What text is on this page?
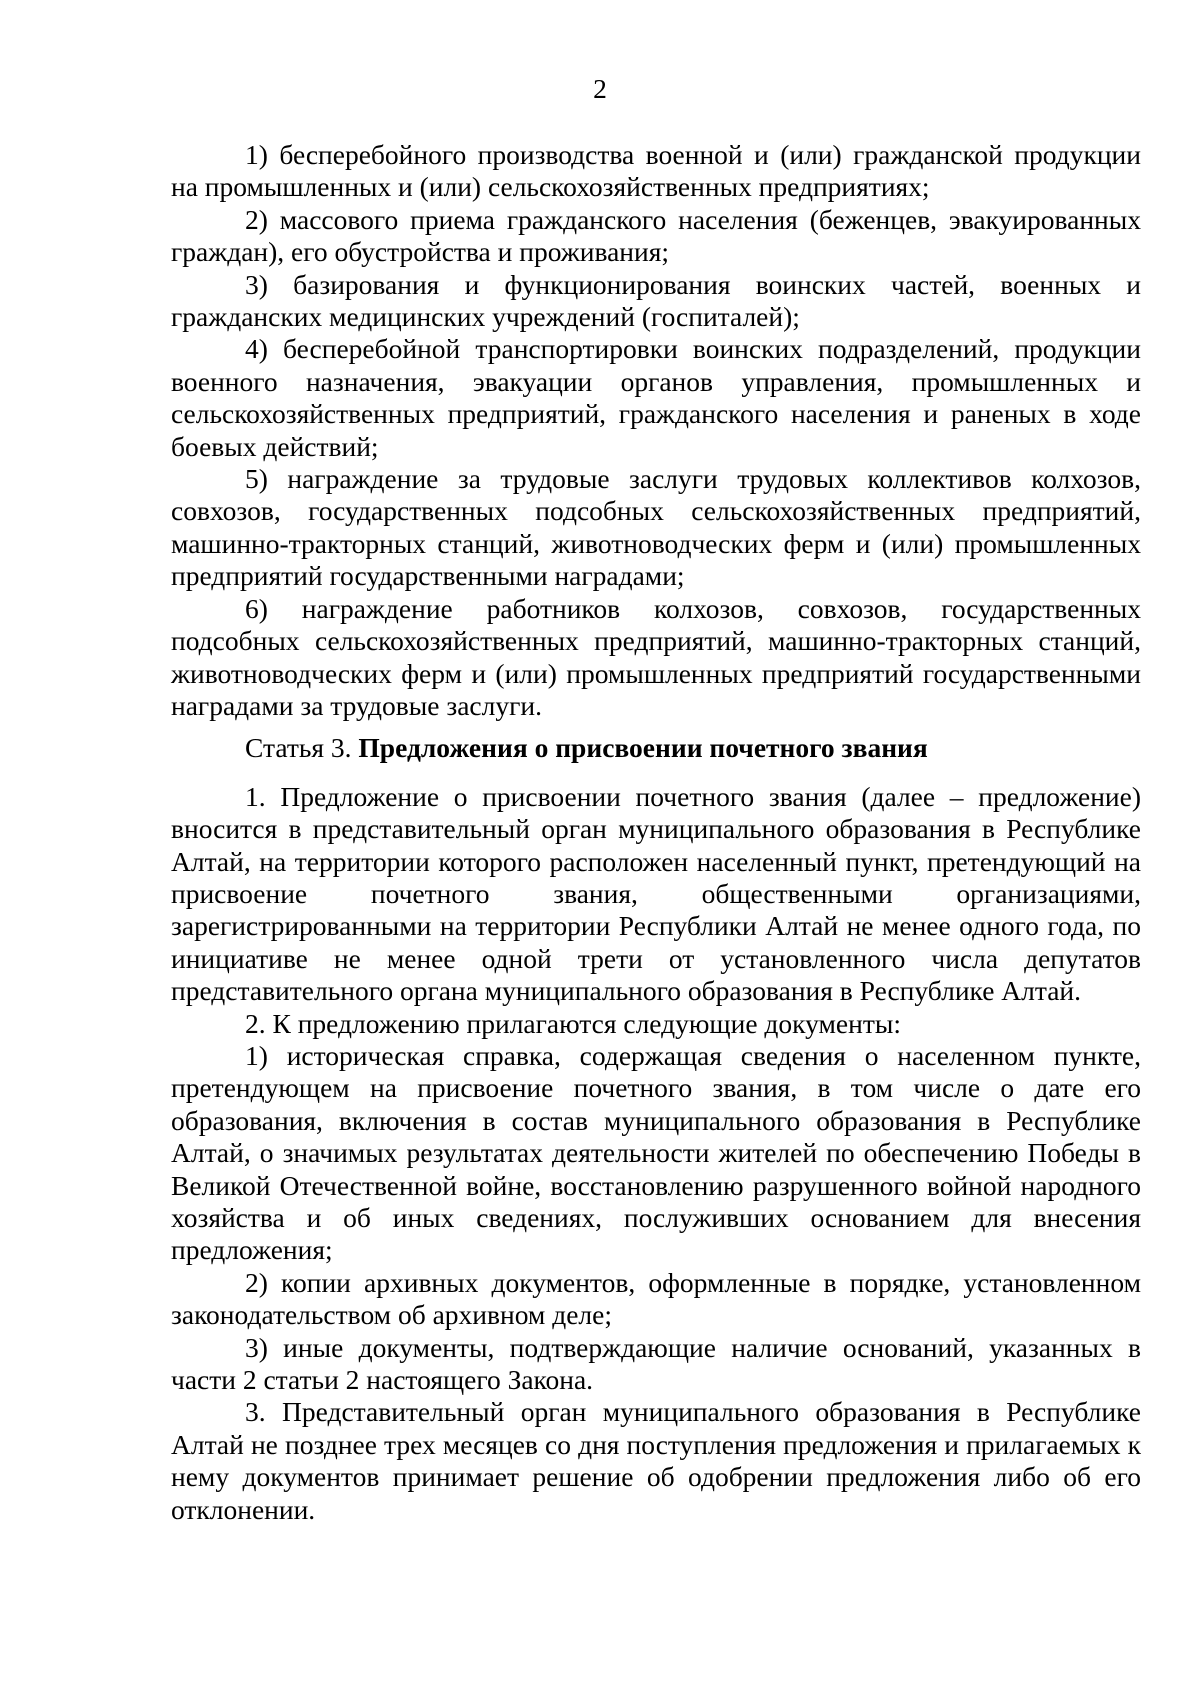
2

1) бесперебойного производства военной и (или) гражданской продукции на промышленных и (или) сельскохозяйственных предприятиях;

2) массового приема гражданского населения (беженцев, эвакуированных граждан), его обустройства и проживания;

3) базирования и функционирования воинских частей, военных и гражданских медицинских учреждений (госпиталей);

4) бесперебойной транспортировки воинских подразделений, продукции военного назначения, эвакуации органов управления, промышленных и сельскохозяйственных предприятий, гражданского населения и раненых в ходе боевых действий;

5) награждение за трудовые заслуги трудовых коллективов колхозов, совхозов, государственных подсобных сельскохозяйственных предприятий, машинно-тракторных станций, животноводческих ферм и (или) промышленных предприятий государственными наградами;

6) награждение работников колхозов, совхозов, государственных подсобных сельскохозяйственных предприятий, машинно-тракторных станций, животноводческих ферм и (или) промышленных предприятий государственными наградами за трудовые заслуги.

Статья 3. Предложения о присвоении почетного звания

1. Предложение о присвоении почетного звания (далее – предложение) вносится в представительный орган муниципального образования в Республике Алтай, на территории которого расположен населенный пункт, претендующий на присвоение почетного звания, общественными организациями, зарегистрированными на территории Республики Алтай не менее одного года, по инициативе не менее одной трети от установленного числа депутатов представительного органа муниципального образования в Республике Алтай.

2. К предложению прилагаются следующие документы:

1) историческая справка, содержащая сведения о населенном пункте, претендующем на присвоение почетного звания, в том числе о дате его образования, включения в состав муниципального образования в Республике Алтай, о значимых результатах деятельности жителей по обеспечению Победы в Великой Отечественной войне, восстановлению разрушенного войной народного хозяйства и об иных сведениях, послуживших основанием для внесения предложения;

2) копии архивных документов, оформленные в порядке, установленном законодательством об архивном деле;

3) иные документы, подтверждающие наличие оснований, указанных в части 2 статьи 2 настоящего Закона.

3. Представительный орган муниципального образования в Республике Алтай не позднее трех месяцев со дня поступления предложения и прилагаемых к нему документов принимает решение об одобрении предложения либо об его отклонении.
